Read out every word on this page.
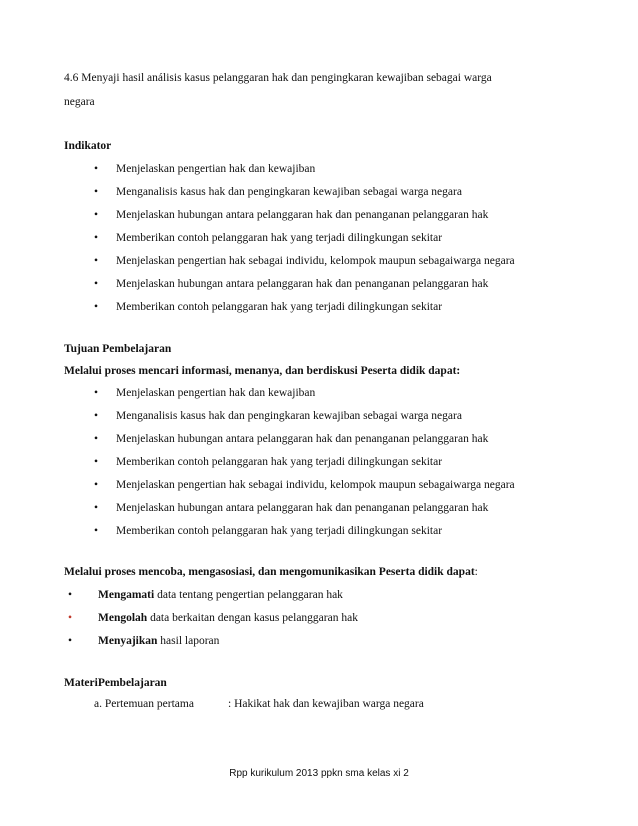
4.6 Menyaji hasil análisis kasus pelanggaran hak dan pengingkaran kewajiban sebagai warga
negara
Indikator
• Menjelaskan pengertian hak dan kewajiban
• Menganalisis kasus hak dan pengingkaran kewajiban sebagai warga negara
• Menjelaskan hubungan antara pelanggaran hak dan penanganan pelanggaran hak
• Memberikan contoh pelanggaran hak yang terjadi dilingkungan sekitar
• Menjelaskan pengertian hak sebagai individu, kelompok maupun sebagaiwarga negara
• Menjelaskan hubungan antara pelanggaran hak dan penanganan pelanggaran hak
• Memberikan contoh pelanggaran hak yang terjadi dilingkungan sekitar
Tujuan Pembelajaran
Melalui proses mencari informasi, menanya, dan berdiskusi Peserta didik dapat:
• Menjelaskan pengertian hak dan kewajiban
• Menganalisis kasus hak dan pengingkaran kewajiban sebagai warga negara
• Menjelaskan hubungan antara pelanggaran hak dan penanganan pelanggaran hak
• Memberikan contoh pelanggaran hak yang terjadi dilingkungan sekitar
• Menjelaskan pengertian hak sebagai individu, kelompok maupun sebagaiwarga negara
• Menjelaskan hubungan antara pelanggaran hak dan penanganan pelanggaran hak
• Memberikan contoh pelanggaran hak yang terjadi dilingkungan sekitar
Melalui proses mencoba, mengasosiasi, dan mengomunikasikan Peserta didik dapat:
• Mengamati data tentang pengertian pelanggaran hak
• Mengolah data berkaitan dengan kasus pelanggaran hak
• Menyajikan hasil laporan
MateriPembelajaran
a. Pertemuan pertama	: Hakikat hak dan kewajiban warga negara
Rpp kurikulum 2013 ppkn sma kelas xi 2
